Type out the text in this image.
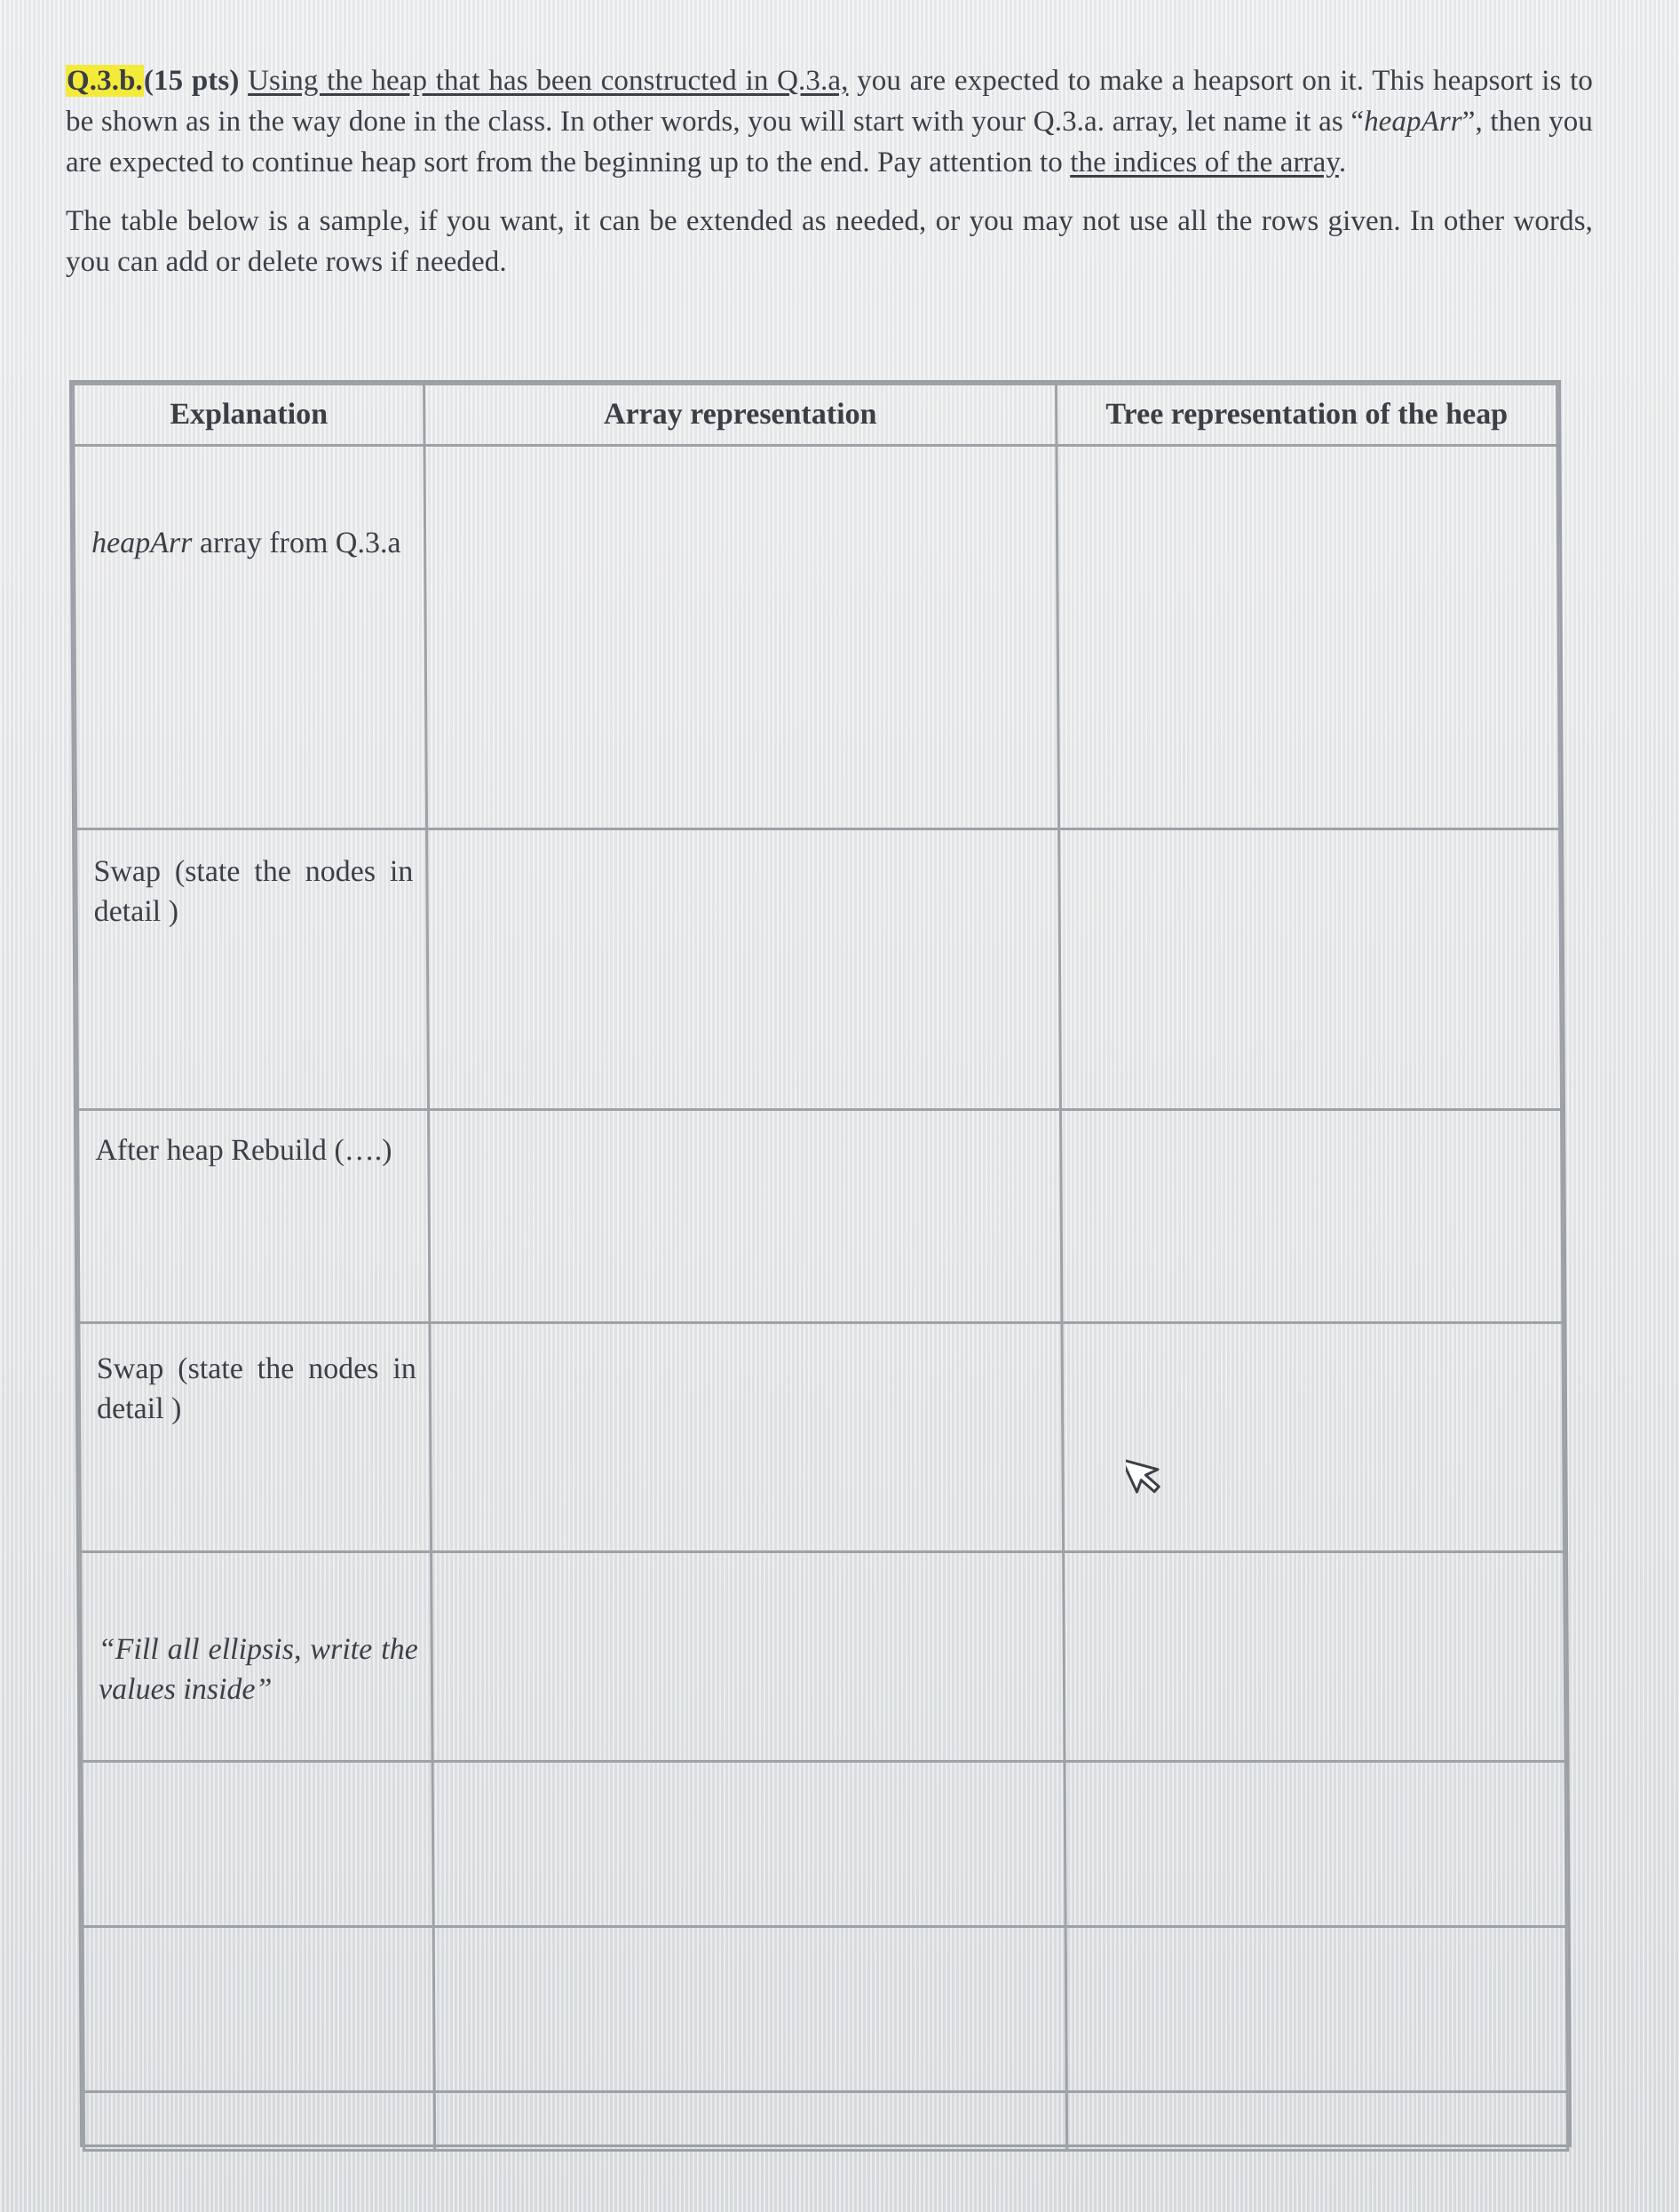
Q.3.b.(15 pts) Using the heap that has been constructed in Q.3.a, you are expected to make a heapsort on it. This heapsort is to be shown as in the way done in the class. In other words, you will start with your Q.3.a. array, let name it as “heapArr”, then you are expected to continue heap sort from the beginning up to the end. Pay attention to the indices of the array.

The table below is a sample, if you want, it can be extended as needed, or you may not use all the rows given. In other words, you can add or delete rows if needed.

Explanation	Array representation	Tree representation of the heap

heapArr array from Q.3.a		

Swap (state the nodes in detail )		

After heap Rebuild (….)		

Swap (state the nodes in detail )		

“Fill all ellipsis, write the values inside”		
